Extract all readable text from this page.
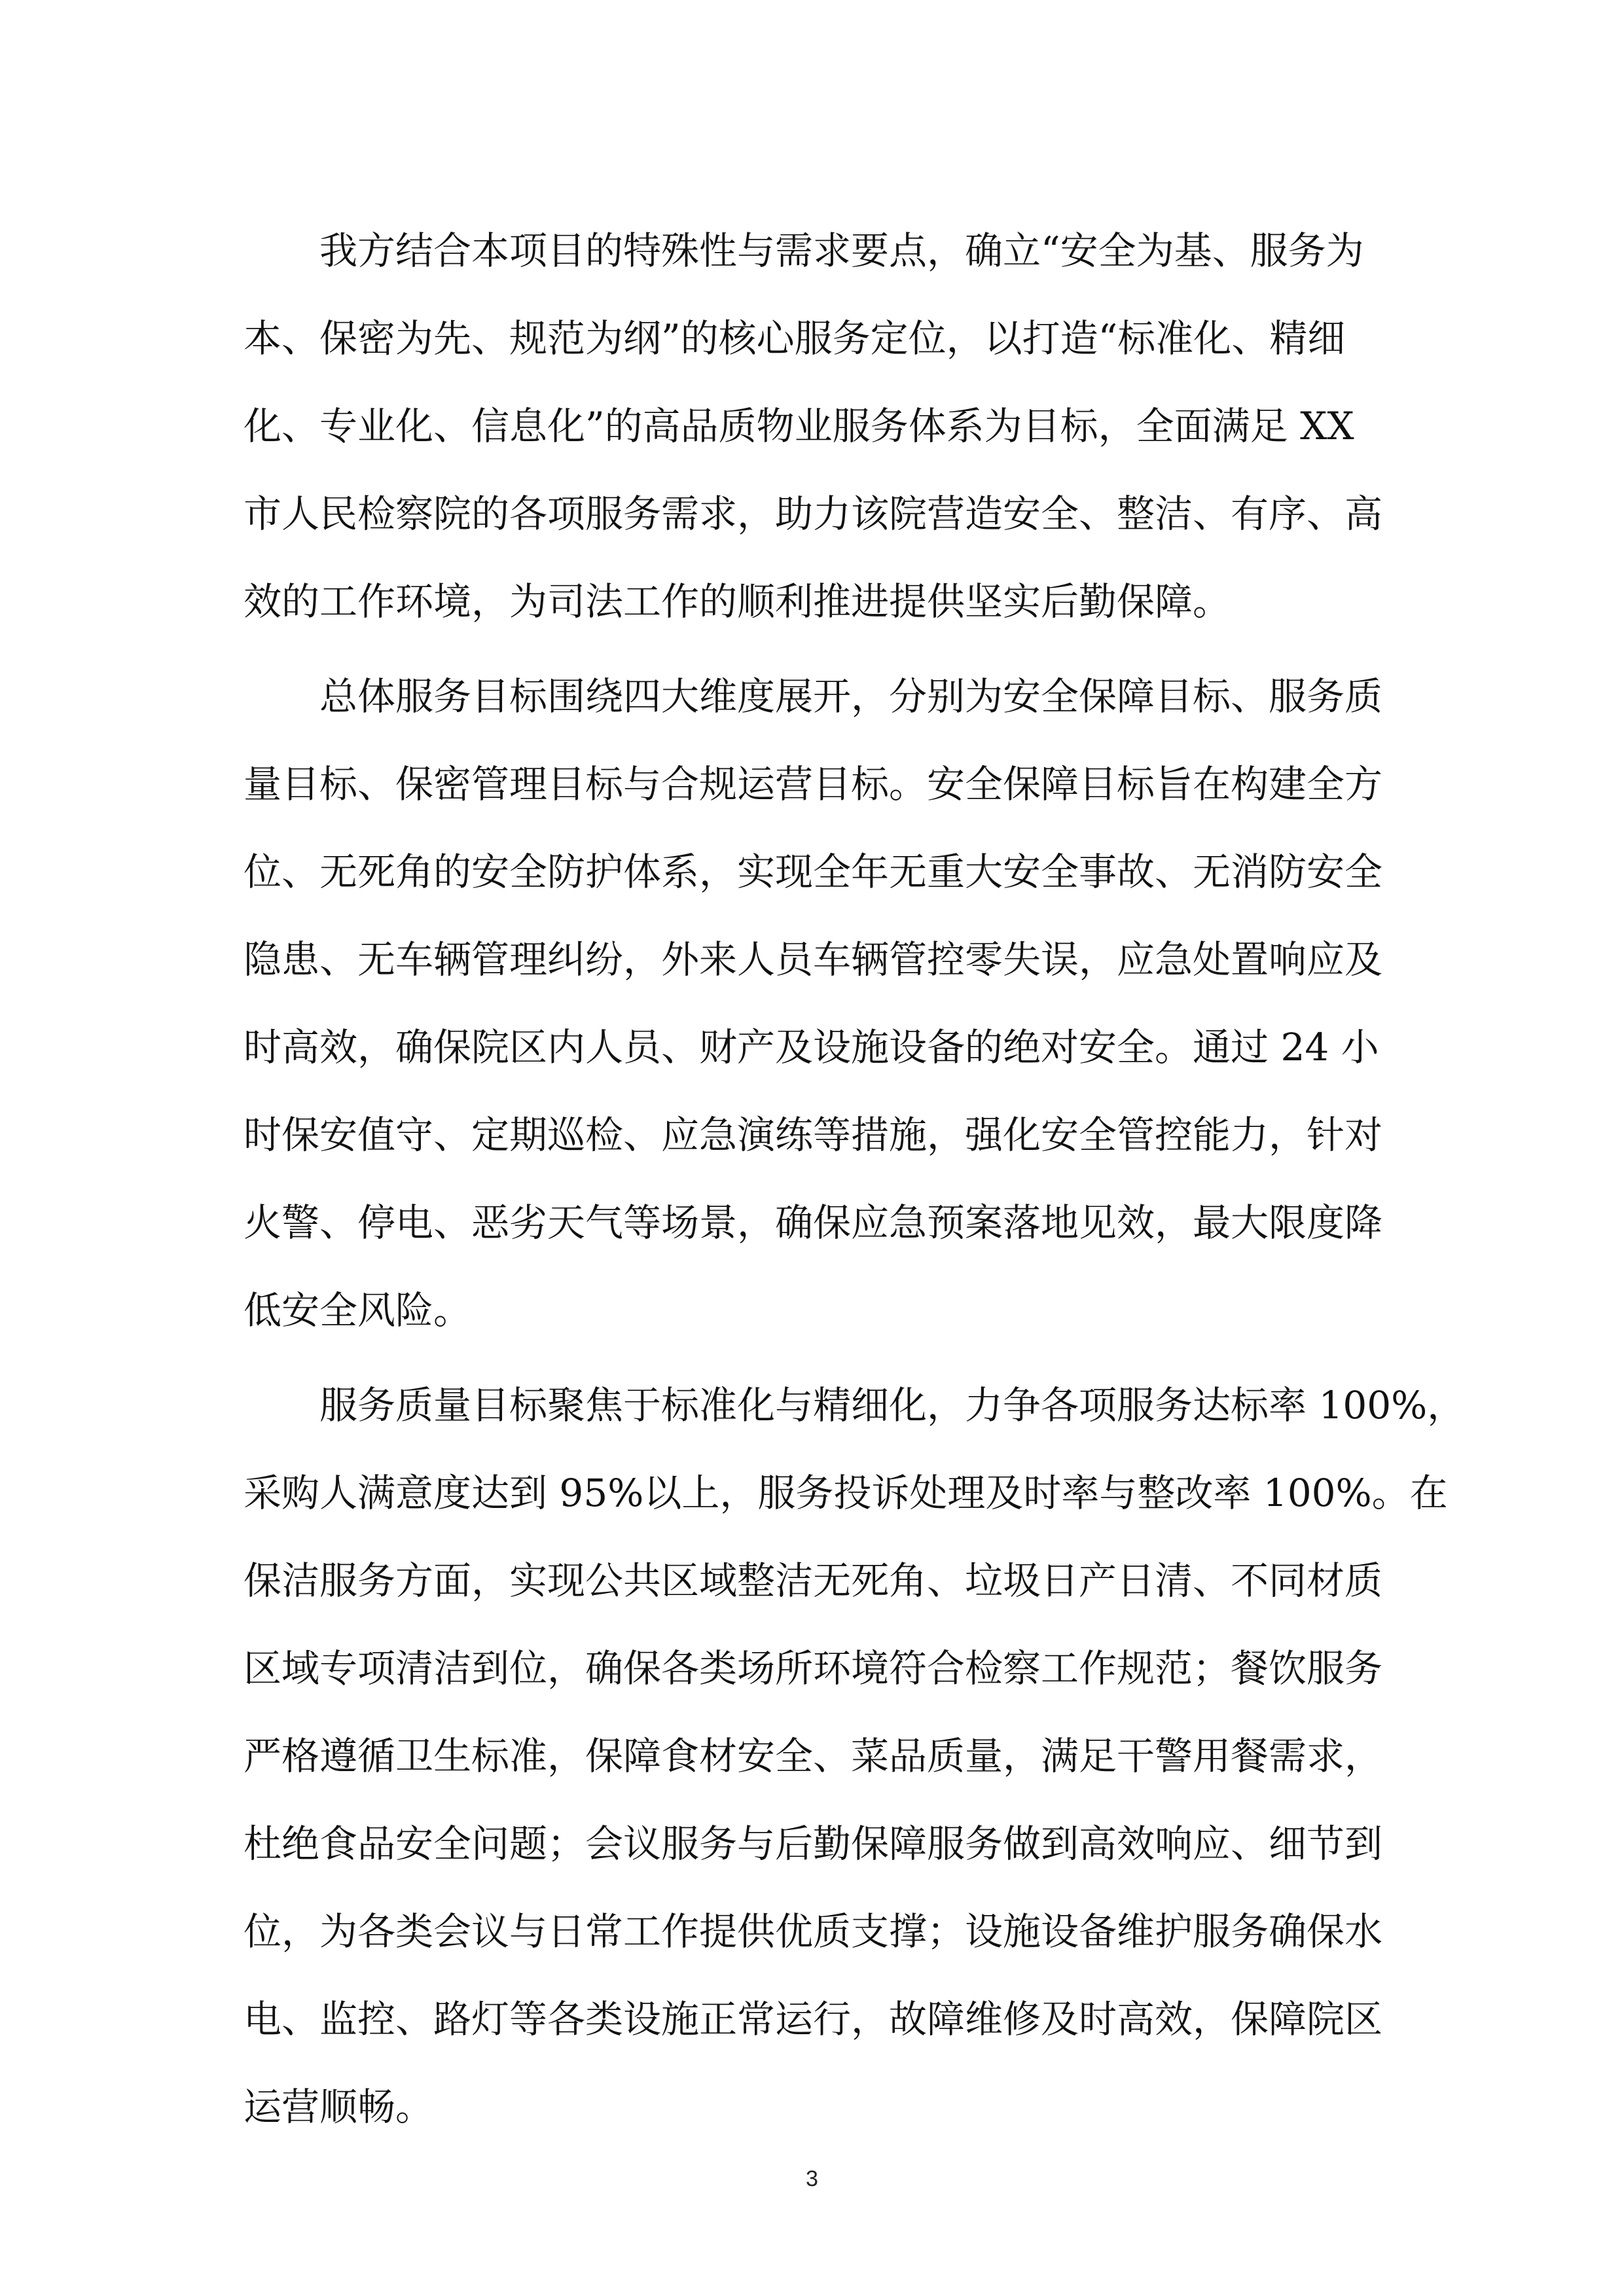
我方结合本项目的特殊性与需求要点，确立“安全为基、服务为
本、保密为先、规范为纲”的核心服务定位，以打造“标准化、精细
化、专业化、信息化”的高品质物业服务体系为目标，全面满足 XX
市人民检察院的各项服务需求，助力该院营造安全、整洁、有序、高
效的工作环境，为司法工作的顺利推进提供坚实后勤保障。
总体服务目标围绕四大维度展开，分别为安全保障目标、服务质
量目标、保密管理目标与合规运营目标。安全保障目标旨在构建全方
位、无死角的安全防护体系，实现全年无重大安全事故、无消防安全
隐患、无车辆管理纠纷，外来人员车辆管控零失误，应急处置响应及
时高效，确保院区内人员、财产及设施设备的绝对安全。通过 24 小
时保安值守、定期巡检、应急演练等措施，强化安全管控能力，针对
火警、停电、恶劣天气等场景，确保应急预案落地见效，最大限度降
低安全风险。
服务质量目标聚焦于标准化与精细化，力争各项服务达标率 100%，
采购人满意度达到 95%以上，服务投诉处理及时率与整改率 100%。在
保洁服务方面，实现公共区域整洁无死角、垃圾日产日清、不同材质
区域专项清洁到位，确保各类场所环境符合检察工作规范；餐饮服务
严格遵循卫生标准，保障食材安全、菜品质量，满足干警用餐需求，
杜绝食品安全问题；会议服务与后勤保障服务做到高效响应、细节到
位，为各类会议与日常工作提供优质支撑；设施设备维护服务确保水
电、监控、路灯等各类设施正常运行，故障维修及时高效，保障院区
运营顺畅。
3
